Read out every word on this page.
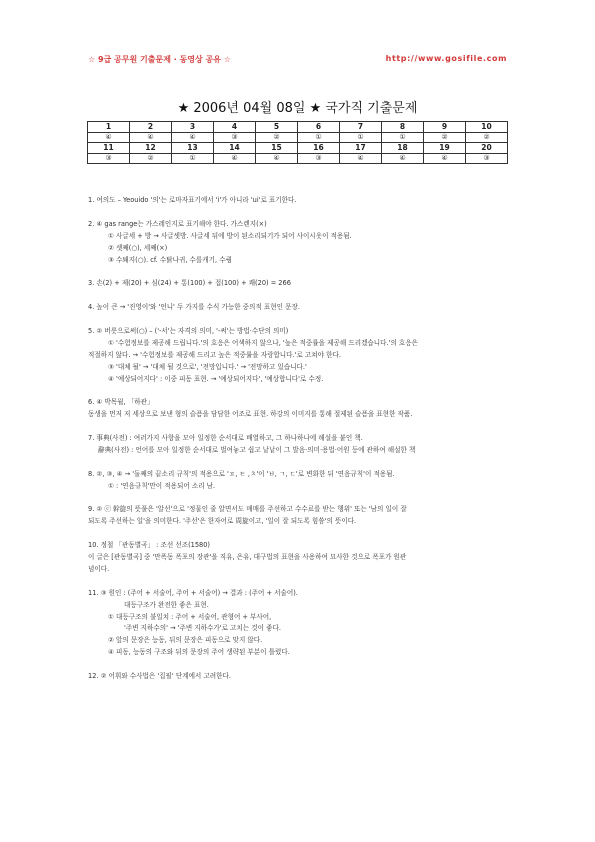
☆ 9급 공무원 기출문제 · 동영상 공유 ☆	http://www.gosifile.com
★ 2006년 04월 08일 ★ 국가직 기출문제
1	2	3	4	5	6	7	8	9	10
④	④	④	③	②	①	①	①	②	②
11	12	13	14	15	16	17	18	19	20
③	②	①	④	④	③	④	④	④	③

1. 여의도 – Yeouido '의'는 로마자표기에서 'i'가 아니라 'ui'로 표기한다.

2. ④ gas range는 가스레인지로 표기해야 한다. 가스렌지(×)

① 사글세 + 방 → 사글셋방. 사글세 뒤에 방이 된소리되기가 되어 사이시옷이 적용됨.

② 셋째(○), 세째(×)

③ 수퇘지(○). cf. 수탉나귀, 수를캐기, 수퀑

3. 손(2) + 제(20) + 심(24) + 통(100) + 접(100) + 쾌(20) = 266

4. 높이 큰 → '진영이'와 '언니' 두 가지를 수식 가능한 중의적 표현인 문장.

5. ② 버릇으로써(○) – ('-서'는 자격의 의미, '-써'는 방법·수단의 의미)

① '수험정보를 제공해 드립니다.'의 호응은 어색하지 않으나, '높은 적중률을 제공해 드리겠습니다.'의 호응은

적절하지 않다. → '수험정보를 제공해 드리고 높은 적중률을 자랑합니다.'로 고쳐야 한다.

③ '대체 될' → '대체 될 것으로', '전망입니다.' → '전망하고 있습니다.'

④ '예상되어지다' : 이중 피동 표현. → '예상되어지다', '예상합니다'로 수정.

6. ④ 박목월, 「하관」

동생을 먼저 저 세상으로 보낸 형의 슬픔을 담담한 어조로 표현. 하강의 이미지를 통해 절제된 슬픔을 표현한 작품.

7. 事典(사전) : 여러가지 사항을 모아 일정한 순서대로 배열하고, 그 하나하나에 해설을 붙인 책.

辭典(사전) : 언어를 모아 일정한 순서대로 벌여놓고 쉽고 낱낱이 그 발음·의미·용법·어원 등에 관하여 해설한 책

8. ②, ③, ④ → '둘째의 끝소리 규칙'의 적용으로 'ㅍ, ㅌ ,ㅊ'이 'ㅂ, ㄱ, ㄷ'로 변화한 뒤 '연음규칙'이 적용됨.

① : '연음규칙'만이 적용되어 소리 남.

9. ② ⓒ 幹旋의 뜻풀은 '알선'으로 '정물인 줄 알면서도 매매를 주선하고 수수료를 받는 행위' 또는 '남의 일이 잘

되도록 주선하는 일'을 의미한다. '주선'은 한자어로 周旋이고, '일이 잘 되도록 힘씀'의 뜻이다.

10. 정철 「관동별곡」 : 조선 선조(1580)

이 글은 [관동별곡] 중 '만폭동 폭포의 장관'을 직유, 은유, 대구법의 표현을 사용하여 묘사한 것으로 폭포가 원관

념이다.

11. ③ 원인 : (주어 + 서술어, 주어 + 서술어) → 결과 : (주어 + 서술어).

대등구조가 완전한 좋은 표현.

① 대등구조의 불일치 : 주어 + 서술어, 관형어 + 부사어,

'주변 지하수의' → '주변 지하수가'로 고치는 것이 좋다.

② 앞의 문장은 능동, 뒤의 문장은 피동으로 맞지 않다.

④ 피동, 능동의 구조와 뒤의 문장의 주어 생략된 부분이 틀렸다.

12. ② 어휘와 수사법은 '집필' 단계에서 고려한다.
